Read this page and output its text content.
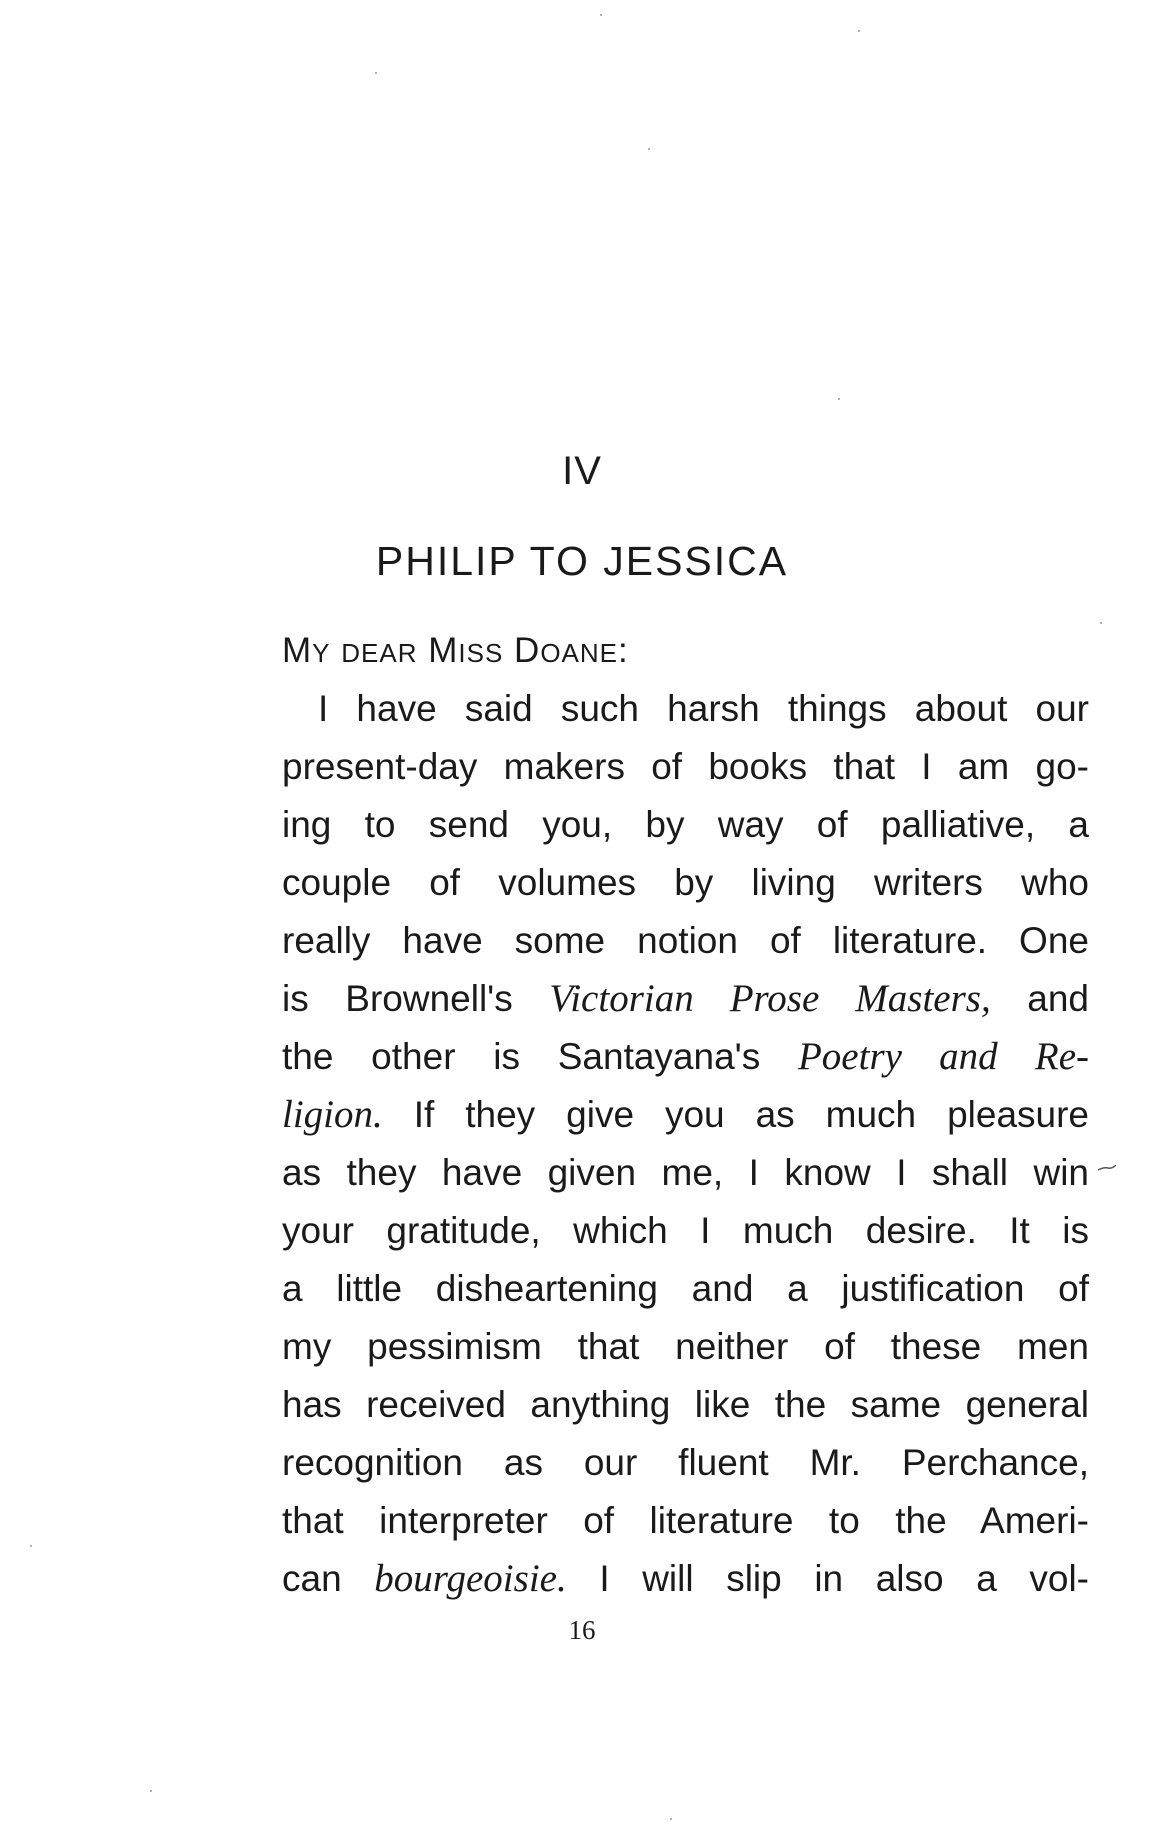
IV
PHILIP TO JESSICA
MY DEAR MISS DOANE:
I have said such harsh things about our
present-day makers of books that I am go-
ing to send you, by way of palliative, a
couple of volumes by living writers who
really have some notion of literature. One
is Brownell's Victorian Prose Masters, and
the other is Santayana's Poetry and Re-
ligion. If they give you as much pleasure
as they have given me, I know I shall win
your gratitude, which I much desire. It is
a little disheartening and a justification of
my pessimism that neither of these men
has received anything like the same general
recognition as our fluent Mr. Perchance,
that interpreter of literature to the Ameri-
can bourgeoisie. I will slip in also a vol-
16
